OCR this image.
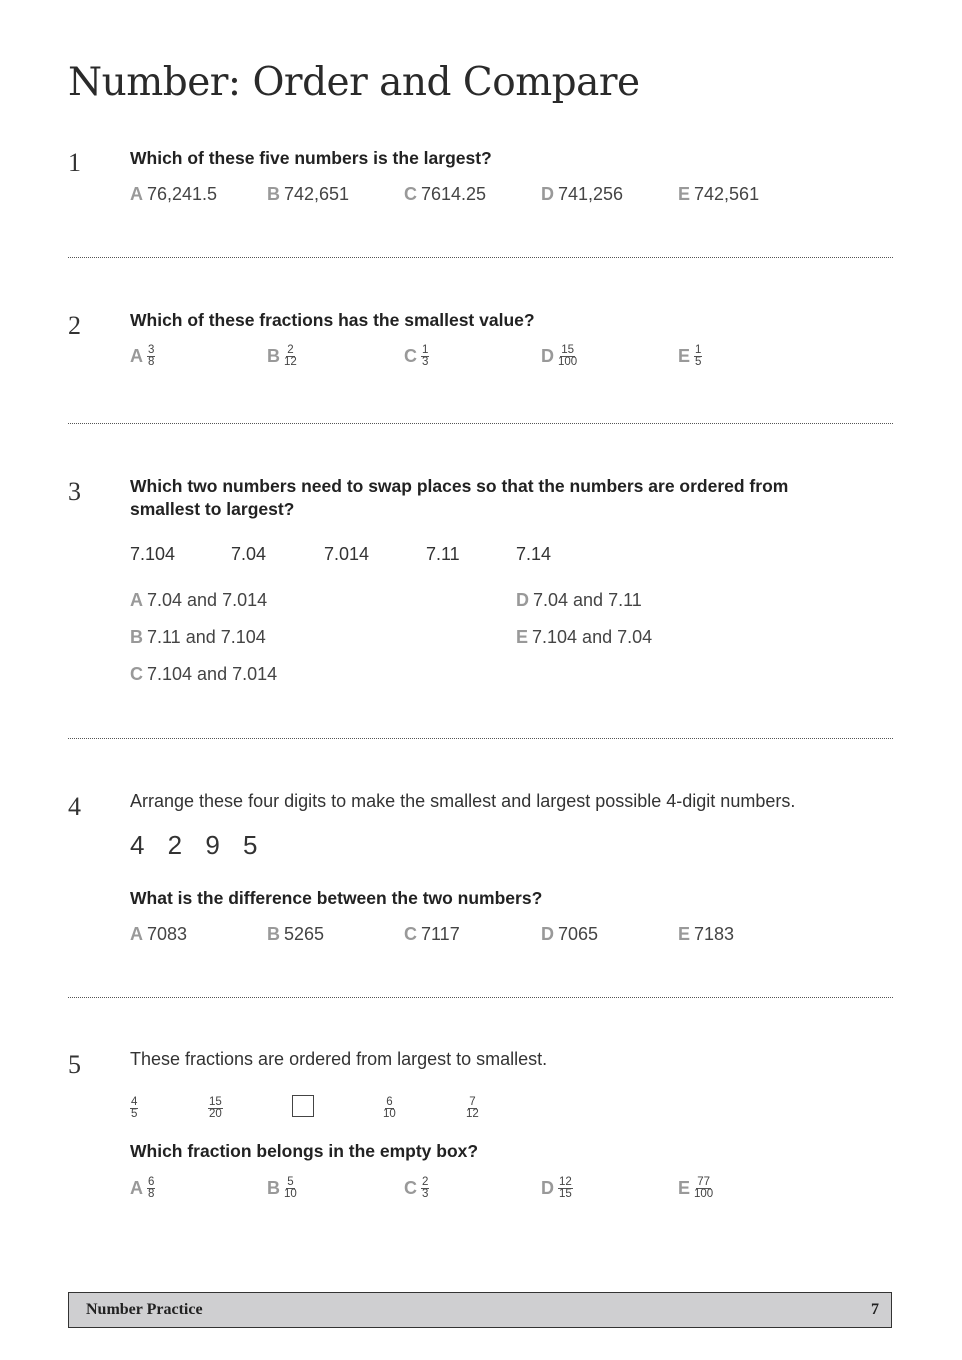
Number: Order and Compare
1	Which of these five numbers is the largest?
A 76,241.5	B 742,651	C 7614.25	D 741,256	E 742,561
2	Which of these fractions has the smallest value?
A $\frac{3}{8}$	B $\frac{2}{12}$	C $\frac{1}{3}$	D $\frac{15}{100}$	E $\frac{1}{5}$
3	Which two numbers need to swap places so that the numbers are ordered from smallest to largest?
7.104	7.04	7.014	7.11	7.14
A 7.04 and 7.014
B 7.11 and 7.104
C 7.104 and 7.014
D 7.04 and 7.11
E 7.104 and 7.04
4	Arrange these four digits to make the smallest and largest possible 4-digit numbers.
4 2 9 5
What is the difference between the two numbers?
A 7083	B 5265	C 7117	D 7065	E 7183
5	These fractions are ordered from largest to smallest.
$\frac{4}{5}$	$\frac{15}{20}$	$\frac{6}{10}$	$\frac{7}{12}$
Which fraction belongs in the empty box?
A $\frac{6}{8}$	B $\frac{5}{10}$	C $\frac{2}{3}$	D $\frac{12}{15}$	E $\frac{77}{100}$
Number Practice	7
